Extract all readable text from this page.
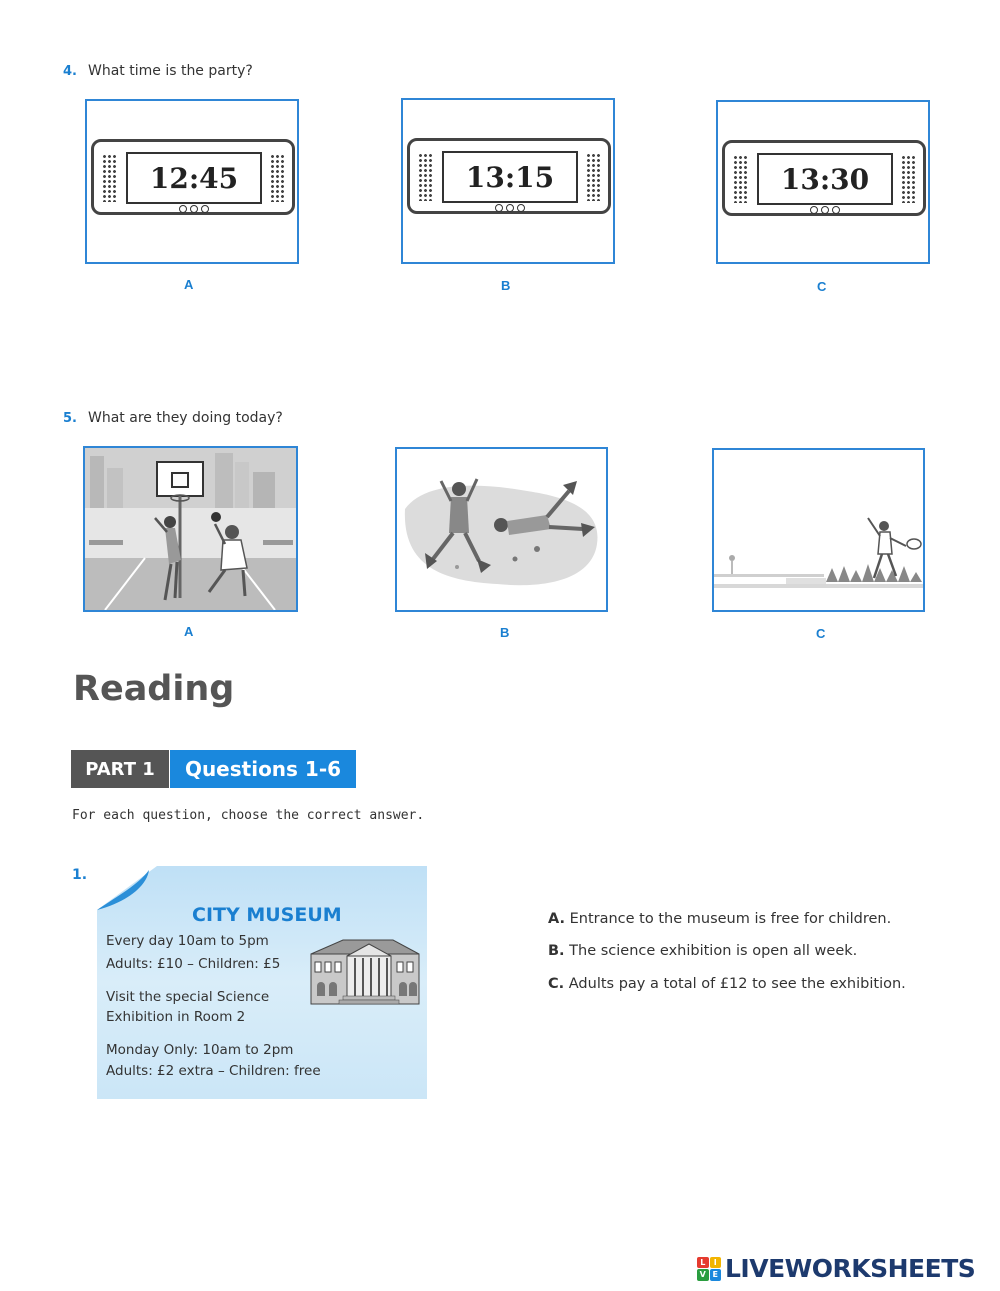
4. What time is the party?
12:45
A
13:15
B
13:30
C
5. What are they doing today?
A	B	C
Reading
PART 1	Questions 1-6
For each question, choose the correct answer.
1.
CITY MUSEUM
Every day 10am to 5pm
Adults: £10 – Children: £5
Visit the special Science
Exhibition in Room 2
Monday Only: 10am to 2pm
Adults: £2 extra – Children: free
A. Entrance to the museum is free for children.
B. The science exhibition is open all week.
C. Adults pay a total of £12 to see the exhibition.
L	I
V E LIVEWORKSHEETS
